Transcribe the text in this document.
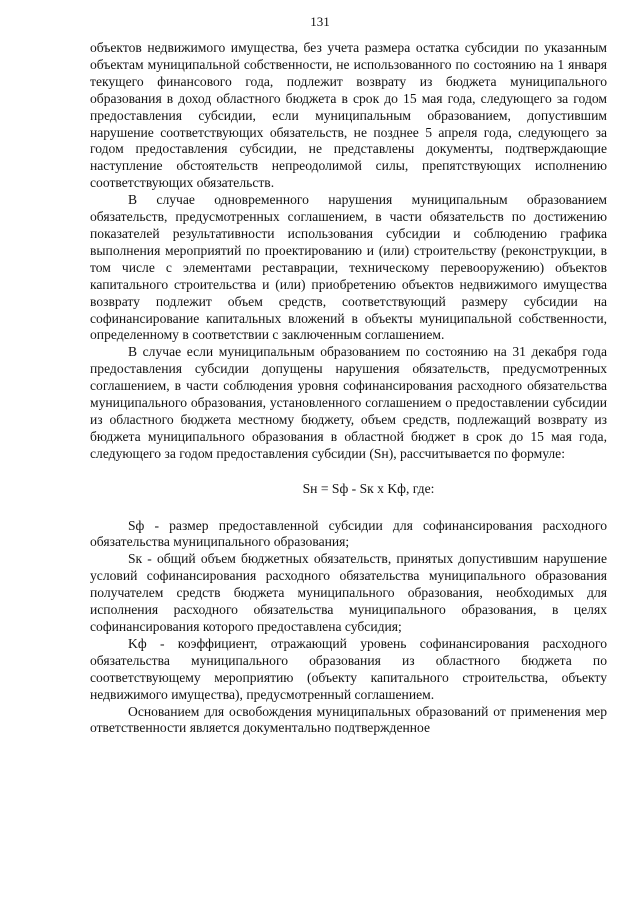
131

объектов недвижимого имущества, без учета размера остатка субсидии по указанным объектам муниципальной собственности, не использованного по состоянию на 1 января текущего финансового года, подлежит возврату из бюджета муниципального образования в доход областного бюджета в срок до 15 мая года, следующего за годом предоставления субсидии, если муниципальным образованием, допустившим нарушение соответствующих обязательств, не позднее 5 апреля года, следующего за годом предоставления субсидии, не представлены документы, подтверждающие наступление обстоятельств непреодолимой силы, препятствующих исполнению соответствующих обязательств.

В случае одновременного нарушения муниципальным образованием обязательств, предусмотренных соглашением, в части обязательств по достижению показателей результативности использования субсидии и соблюдению графика выполнения мероприятий по проектированию и (или) строительству (реконструкции, в том числе с элементами реставрации, техническому перевооружению) объектов капитального строительства и (или) приобретению объектов недвижимого имущества возврату подлежит объем средств, соответствующий размеру субсидии на софинансирование капитальных вложений в объекты муниципальной собственности, определенному в соответствии с заключенным соглашением.

В случае если муниципальным образованием по состоянию на 31 декабря года предоставления субсидии допущены нарушения обязательств, предусмотренных соглашением, в части соблюдения уровня софинансирования расходного обязательства муниципального образования, установленного соглашением о предоставлении субсидии из областного бюджета местному бюджету, объем средств, подлежащий возврату из бюджета муниципального образования в областной бюджет в срок до 15 мая года, следующего за годом предоставления субсидии (Sн), рассчитывается по формуле:

Sн = Sф - Sк х Kф, где:

Sф - размер предоставленной субсидии для софинансирования расходного обязательства муниципального образования;

Sк - общий объем бюджетных обязательств, принятых допустившим нарушение условий софинансирования расходного обязательства муниципального образования получателем средств бюджета муниципального образования, необходимых для исполнения расходного обязательства муниципального образования, в целях софинансирования которого предоставлена субсидия;

Kф - коэффициент, отражающий уровень софинансирования расходного обязательства муниципального образования из областного бюджета по соответствующему мероприятию (объекту капитального строительства, объекту недвижимого имущества), предусмотренный соглашением.

Основанием для освобождения муниципальных образований от применения мер ответственности является документально подтвержденное
